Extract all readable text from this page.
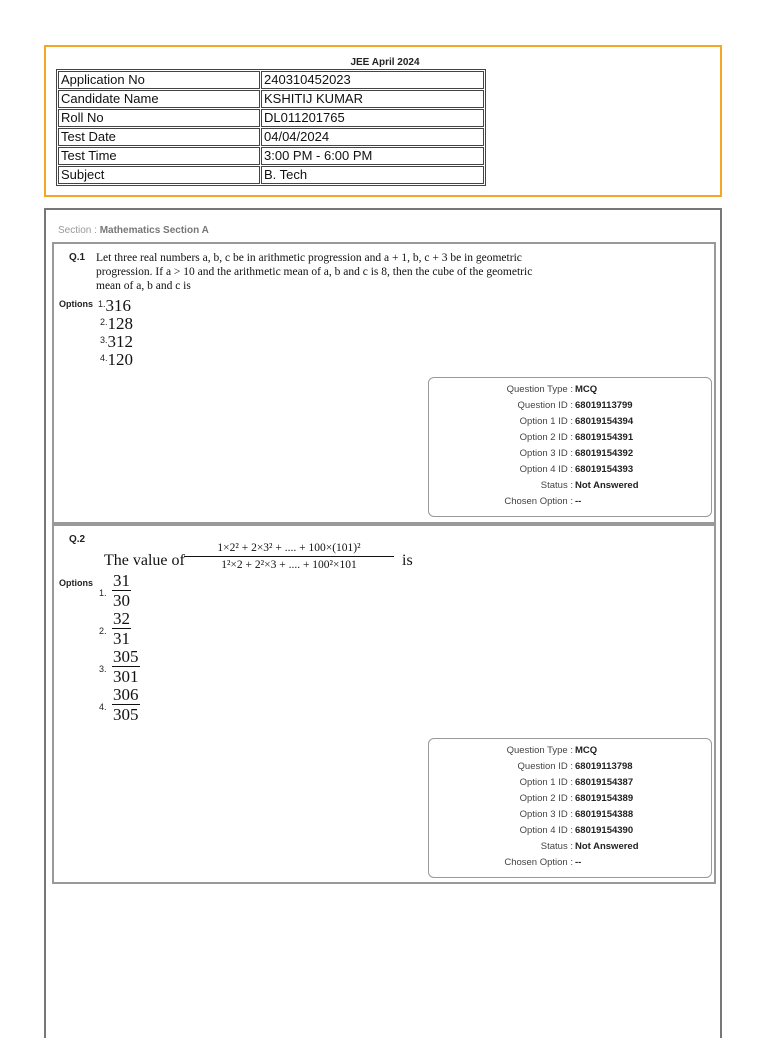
JEE April 2024
Application No	240310452023
Candidate Name	KSHITIJ KUMAR
Roll No	DL011201765
Test Date	04/04/2024
Test Time	3:00 PM - 6:00 PM
Subject	B. Tech
Section : Mathematics Section A
Q.1 Let three real numbers a, b, c be in arithmetic progression and a + 1, b, c + 3 be in geometric progression. If a > 10 and the arithmetic mean of a, b and c is 8, then the cube of the geometric mean of a, b and c is
Options $^{1.}$316
$^{2.}$128
$^{3.}$312
$^{4.}$120
Question Type : MCQ
Question ID : 68019113799
Option 1 ID : 68019154394
Option 2 ID : 68019154391
Option 3 ID : 68019154392
Option 4 ID : 68019154393
Status : Not Answered
Chosen Option : --
Q.2
The value of $\frac{\text{1×2² + 2×3² + .... + 100×(101)²}}{\text{1²×2 + 2²×3 + .... + 100²×101}}$ is
Options
1. $\frac{31}{30}$
2. $\frac{32}{31}$
3. $\frac{305}{301}$
4. $\frac{306}{305}$
Question Type : MCQ
Question ID : 68019113798
Option 1 ID : 68019154387
Option 2 ID : 68019154389
Option 3 ID : 68019154388
Option 4 ID : 68019154390
Status : Not Answered
Chosen Option : --
